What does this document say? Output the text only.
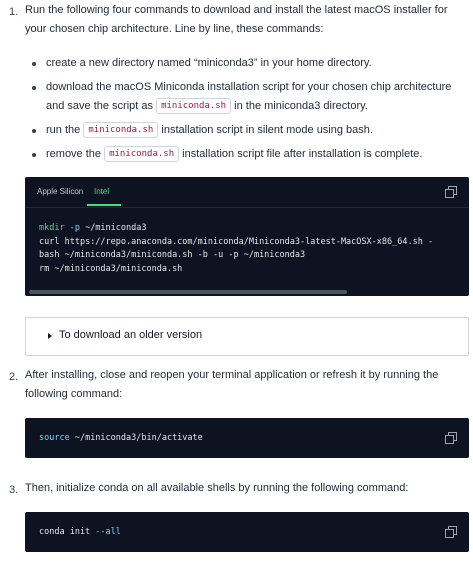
1. Run the following four commands to download and install the latest macOS installer for
your chosen chip architecture. Line by line, these commands:
create a new directory named “miniconda3” in your home directory.
download the macOS Miniconda installation script for your chosen chip architecture
and save the script as miniconda.sh in the miniconda3 directory.
run the miniconda.sh installation script in silent mode using bash.
remove the miniconda.sh installation script file after installation is complete.
Apple Silicon Intel
mkdir -p ~/miniconda3
curl https://repo.anaconda.com/miniconda/Miniconda3-latest-MacOSX-x86_64.sh -
bash ~/miniconda3/miniconda.sh -b -u -p ~/miniconda3
rm ~/miniconda3/miniconda.sh
To download an older version
2. After installing, close and reopen your terminal application or refresh it by running the
following command:
source ~/miniconda3/bin/activate
3. Then, initialize conda on all available shells by running the following command:
conda init --all
